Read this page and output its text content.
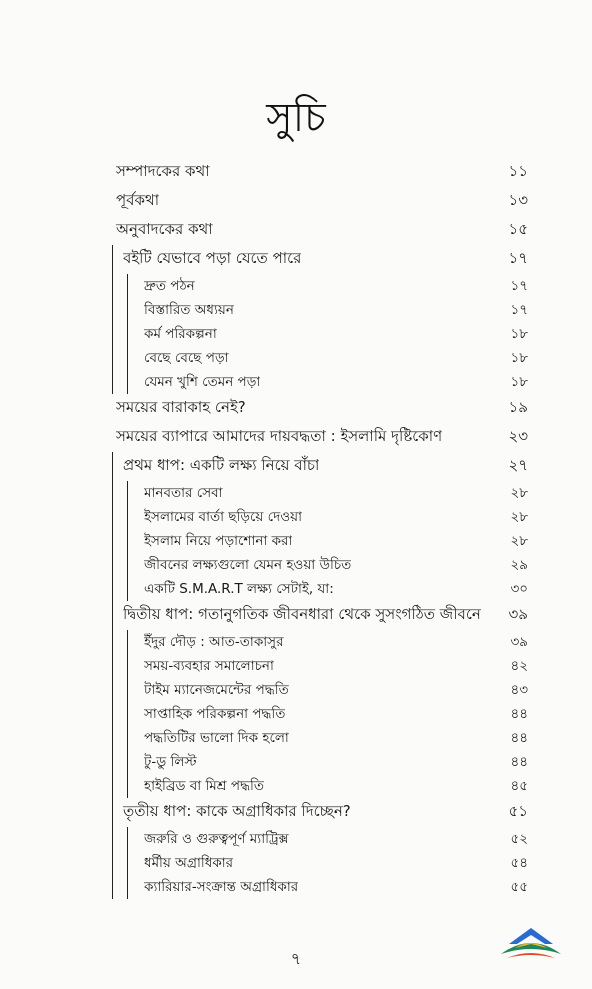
সুচি
সম্পাদকের কথা	১১
পূর্বকথা	১৩
অনুবাদকের কথা	১৫
বইটি যেভাবে পড়া যেতে পারে	১৭
দ্রুত পঠন	১৭
বিস্তারিত অধ্যয়ন	১৭
কর্ম পরিকল্পনা	১৮
বেছে বেছে পড়া	১৮
যেমন খুশি তেমন পড়া	১৮
সময়ের বারাকাহ নেই?	১৯
সময়ের ব্যাপারে আমাদের দায়বদ্ধতা : ইসলামি দৃষ্টিকোণ	২৩
প্রথম ধাপ: একটি লক্ষ্য নিয়ে বাঁচা	২৭
মানবতার সেবা	২৮
ইসলামের বার্তা ছড়িয়ে দেওয়া	২৮
ইসলাম নিয়ে পড়াশোনা করা	২৮
জীবনের লক্ষ্যগুলো যেমন হওয়া উচিত	২৯
একটি S.M.A.R.T লক্ষ্য সেটাই, যা:	৩০
দ্বিতীয় ধাপ: গতানুগতিক জীবনধারা থেকে সুসংগঠিত জীবনে	৩৯
ইঁদুর দৌড় : আত-তাকাসুর	৩৯
সময়-ব্যবহার সমালোচনা	৪২
টাইম ম্যানেজমেন্টের পদ্ধতি	৪৩
সাপ্তাহিক পরিকল্পনা পদ্ধতি	৪৪
পদ্ধতিটির ভালো দিক হলো	৪৪
টু-ডু লিস্ট	৪৪
হাইব্রিড বা মিশ্র পদ্ধতি	৪৫
তৃতীয় ধাপ: কাকে অগ্রাধিকার দিচ্ছেন?	৫১
জরুরি ও গুরুত্বপূর্ণ ম্যাট্রিক্স	৫২
ধর্মীয় অগ্রাধিকার	৫৪
ক্যারিয়ার-সংক্রান্ত অগ্রাধিকার	৫৫
৭
